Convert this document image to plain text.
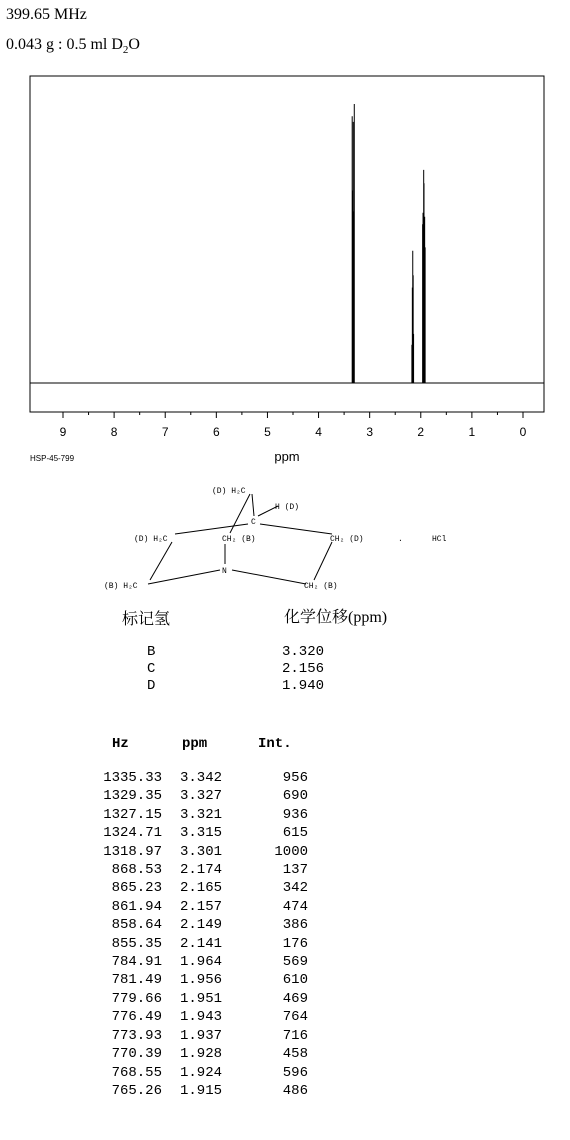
399.65 MHz
0.043 g : 0.5 ml $D_2O$
9	8	7	6	5	4	3	2	1	0
ppm
HSP-45-799
(D) H₂C
H (D)
C
(D) H₂C	CH₂ (B)	CH₂ (D)	.	HCl
(B) H₂C
N
CH₂ (B)
标记氢	化学位移(ppm)
B	3.320
C	2.156
D	1.940
Hz	ppm	Int.
1335.33	3.342	956
1329.35	3.327	690
1327.15	3.321	936
1324.71	3.315	615
1318.97	3.301	1000
868.53	2.174	137
865.23	2.165	342
861.94	2.157	474
858.64	2.149	386
855.35	2.141	176
784.91	1.964	569
781.49	1.956	610
779.66	1.951	469
776.49	1.943	764
773.93	1.937	716
770.39	1.928	458
768.55	1.924	596
765.26	1.915	486
